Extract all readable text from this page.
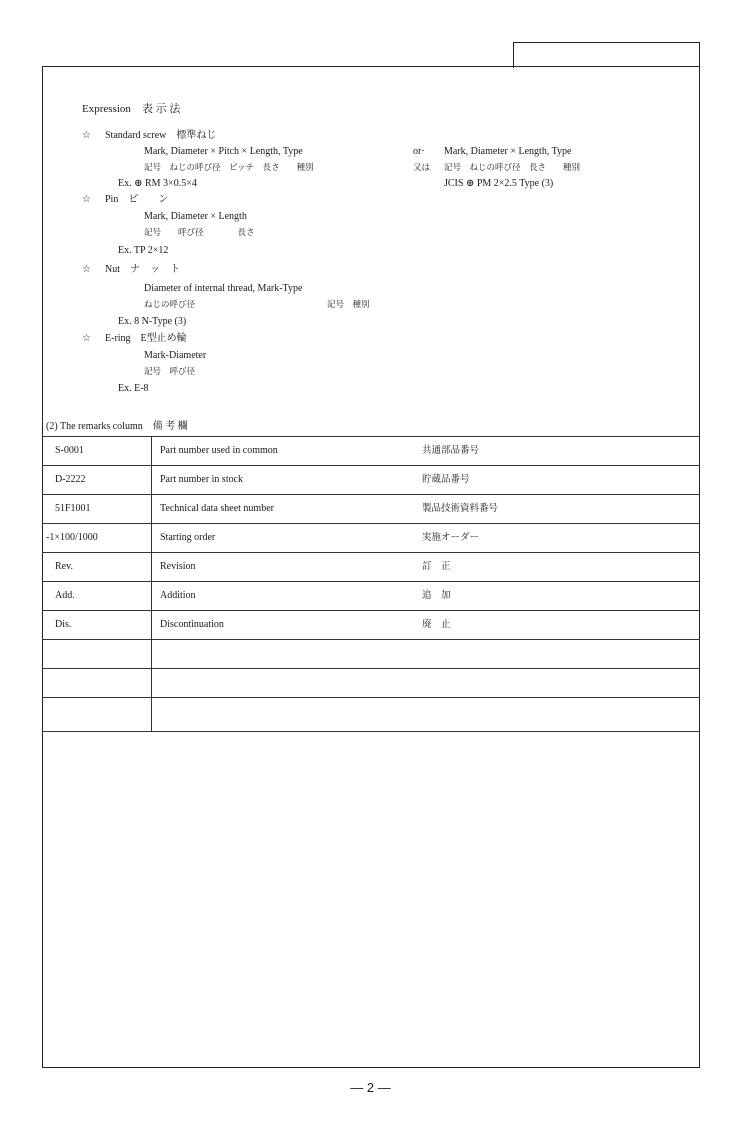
Expression　表 示 法
☆ Standard screw　標準ねじ
Mark, Diameter × Pitch × Length, Type	or· Mark, Diameter × Length, Type
記号　ねじの呼び径　ピッチ　長さ　　種別	又は 記号　ねじの呼び径　長さ　　種別
Ex. ⊕ RM 3×0.5×4	JCIS ⊕ PM 2×2.5 Type (3)
☆ Pin　ピ　　ン
Mark, Diameter × Length
記号　　呼び径　　　　長さ
Ex. TP 2×12
☆ Nut　ナ　ッ　ト
Diameter of internal thread, Mark-Type
ねじの呼び径	記号　種別
Ex. 8 N-Type (3)
☆ E-ring　E型止め輪
Mark-Diameter
記号　呼び径
Ex. E-8
(2) The remarks column　備 考 欄
S-0001	Part number used in common	共通部品番号
D-2222	Part number in stock	貯蔵品番号
51F1001	Technical data sheet number	製品技術資料番号
-1×100/1000	Starting order	実施オーダー
Rev.	Revision	訂　正
Add.	Addition	追　加
Dis.	Discontinuation	廃　止
— 2 —
